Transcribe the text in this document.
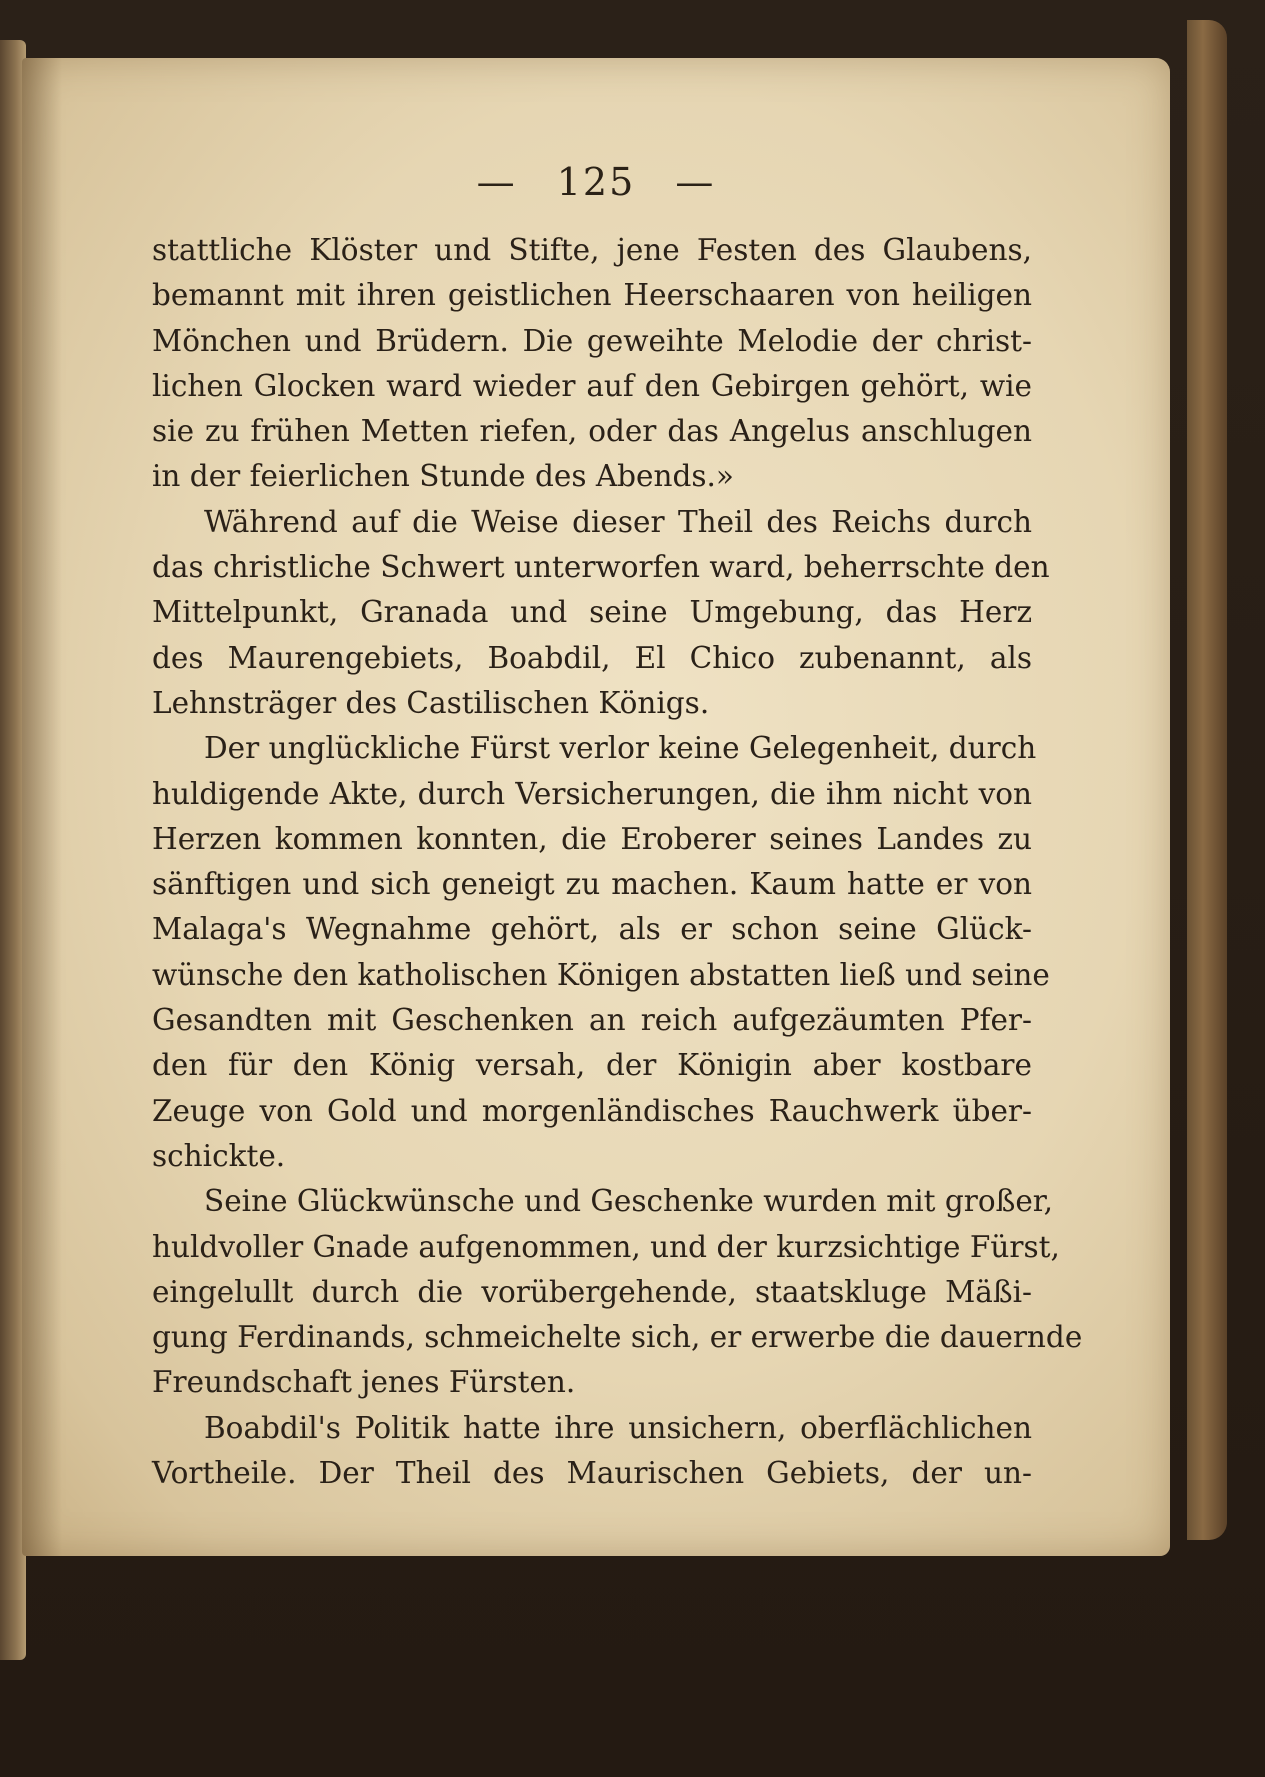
— 125 —
stattliche Klöster und Stifte, jene Festen des Glaubens,
bemannt mit ihren geistlichen Heerschaaren von heiligen
Mönchen und Brüdern. Die geweihte Melodie der christ-
lichen Glocken ward wieder auf den Gebirgen gehört, wie
sie zu frühen Metten riefen, oder das Angelus anschlugen
in der feierlichen Stunde des Abends.»
Während auf die Weise dieser Theil des Reichs durch
das christliche Schwert unterworfen ward, beherrschte den
Mittelpunkt, Granada und seine Umgebung, das Herz
des Maurengebiets, Boabdil, El Chico zubenannt, als
Lehnsträger des Castilischen Königs.
Der unglückliche Fürst verlor keine Gelegenheit, durch
huldigende Akte, durch Versicherungen, die ihm nicht von
Herzen kommen konnten, die Eroberer seines Landes zu
sänftigen und sich geneigt zu machen. Kaum hatte er von
Malaga's Wegnahme gehört, als er schon seine Glück-
wünsche den katholischen Königen abstatten ließ und seine
Gesandten mit Geschenken an reich aufgezäumten Pfer-
den für den König versah, der Königin aber kostbare
Zeuge von Gold und morgenländisches Rauchwerk über-
schickte.
Seine Glückwünsche und Geschenke wurden mit großer,
huldvoller Gnade aufgenommen, und der kurzsichtige Fürst,
eingelullt durch die vorübergehende, staatskluge Mäßi-
gung Ferdinands, schmeichelte sich, er erwerbe die dauernde
Freundschaft jenes Fürsten.
Boabdil's Politik hatte ihre unsichern, oberflächlichen
Vortheile. Der Theil des Maurischen Gebiets, der un-
